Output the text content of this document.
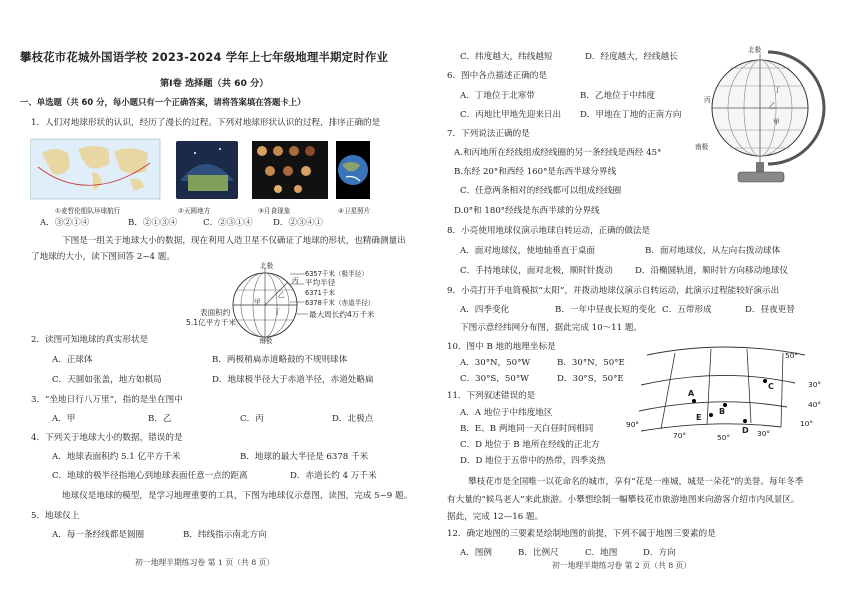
攀枝花市花城外国语学校 2023-2024 学年上七年级地理半期定时作业
第Ⅰ卷 选择题（共 60 分）
一、单选题（共 60 分，每小题只有一个正确答案，请将答案填在答题卡上）
1．人们对地球形状的认识，经历了漫长的过程。下列对地球形状认识的过程，排序正确的是
①麦哲伦船队环球航行	②天圆地方	③月食现象	④卫星照片
A．③②①④	B．②①③④	C．②③①④ D．②③④①
下图是一组关于地球大小的数据，现在利用人造卫星不仅确证了地球的形状，也精确测量出
了地球的大小，读下图回答 2~4 题。
北极
南极
甲
乙
丙
丁
6357千米（极半径）
平均半径
6371千米
6378千米（赤道半径）
表面积约
5.1亿平方千米
最大周长约4万千米
2．读图可知地球的真实形状是
A．正球体	B．两极稍扁赤道略鼓的不规则球体
C．天圆如张盖，地方如棋局	D．地球极半径大于赤道半径，赤道处略扁
3．“坐地日行八万里”，指的是坐在图中
A．甲	B．乙	C．丙	D．北极点
4．下列关于地球大小的数据，错误的是
A．地球表面积约 5.1 亿平方千米	B．地球的最大半径是 6378 千米
C．地球的极半径指地心到地球表面任意一点的距离	D．赤道长约 4 万千米
地球仪是地球的模型，是学习地理重要的工具，下图为地球仪示意图，读图，完成 5~9 题。
5．地球仪上
A．每一条经线都是圆圈	B．纬线指示南北方向
初一地理半期练习卷 第 1 页（共 8 页）
C．纬度越大，纬线越短	D．经度越大，经线越长
6．图中各点描述正确的是
A．丁地位于北寒带	B．乙地位于中纬度
C．丙地比甲地先迎来日出 D．甲地在丁地的正南方向
7．下列说法正确的是
A.和丙地所在经线组成经线圈的另一条经线是西经 45°
B.东经 20°和西经 160°是东西半球分界线
C．任意两条相对的经线都可以组成经线圈
D.0°和 180°经线是东西半球的分界线
北极
南极
丁
乙
丙
甲
8．小亮使用地球仪演示地球自转运动，正确的做法是
A．面对地球仪，使地轴垂直于桌面	B．面对地球仪，从左向右拨动球体
C．手持地球仪，面对北极，顺时针拨动	D．沿椭圆轨道，顺时针方向移动地球仪
9．小亮打开手电筒模拟“太阳”，并拨动地球仪演示自转运动，此演示过程能较好演示出
A．四季变化	B．一年中昼夜长短的变化 C．五带形成	D．昼夜更替
下图示意经纬网分布图，据此完成 10～11 题。
10．图中 B 地的地理坐标是
A．30°N，50°W	B．30°N，50°E
C．30°S，50°W	D．30°S，50°E
11．下列叙述错误的是
A．A 地位于中纬度地区
B．E、B 两地同一天白昼时间相同
C．D 地位于 B 地所在经线的正北方
D．D 地位于五带中的热带，四季炎热
50°
30°
40°
10°
90°
70°	50°	30°
A
B
C
D
E
攀枝花市是全国唯一以花命名的城市，享有“花是一座城，城是一朵花”的美誉。每年冬季
有大量的“候鸟老人”来此旅游。小攀想绘制一幅攀枝花市旅游地图来向游客介绍市内风景区。
据此，完成 12—16 题。
12．确定地图的三要素是绘制地图的前提，下列不属于地图三要素的是
A．图例	B．比例尺	C．地图	D．方向
初一地理半期练习卷 第 2 页（共 8 页）
